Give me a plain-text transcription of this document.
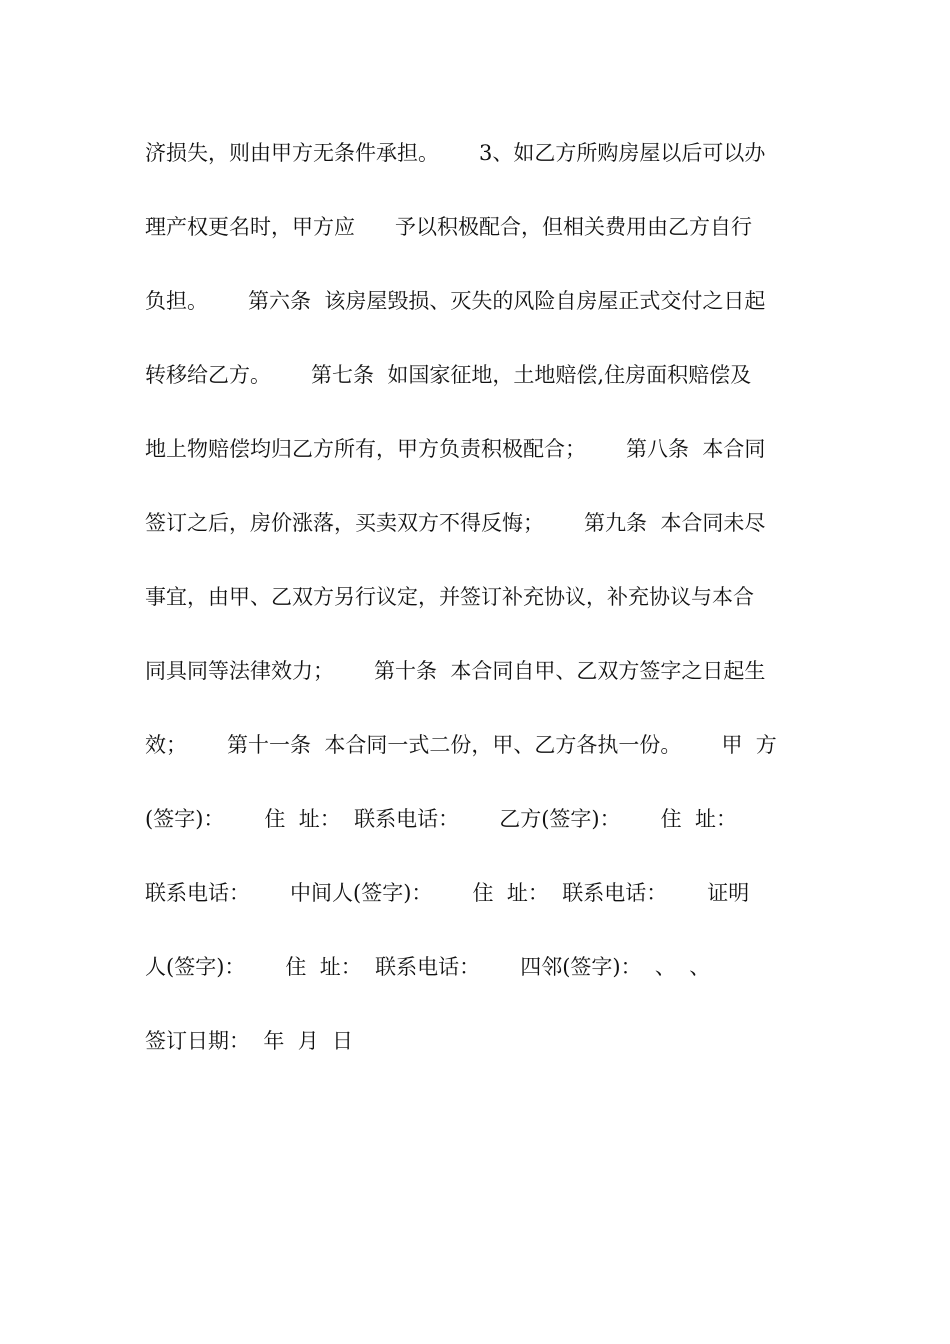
济损失，则由甲方无条件承担。      3、如乙方所购房屋以后可以办
理产权更名时，甲方应      予以积极配合，但相关费用由乙方自行
负担。      第六条  该房屋毁损、灭失的风险自房屋正式交付之日起
转移给乙方。      第七条  如国家征地，土地赔偿,住房面积赔偿及
地上物赔偿均归乙方所有，甲方负责积极配合；      第八条  本合同
签订之后，房价涨落，买卖双方不得反悔；      第九条  本合同未尽
事宜，由甲、乙双方另行议定，并签订补充协议，补充协议与本合
同具同等法律效力；      第十条  本合同自甲、乙双方签字之日起生
效；      第十一条  本合同一式二份，甲、乙方各执一份。      甲  方
(签字)：      住  址：  联系电话：      乙方(签字)：      住  址：
联系电话：      中间人(签字)：      住  址：  联系电话：      证明
人(签字)：      住  址：  联系电话：      四邻(签字)：  、  、
签订日期：  年  月  日
